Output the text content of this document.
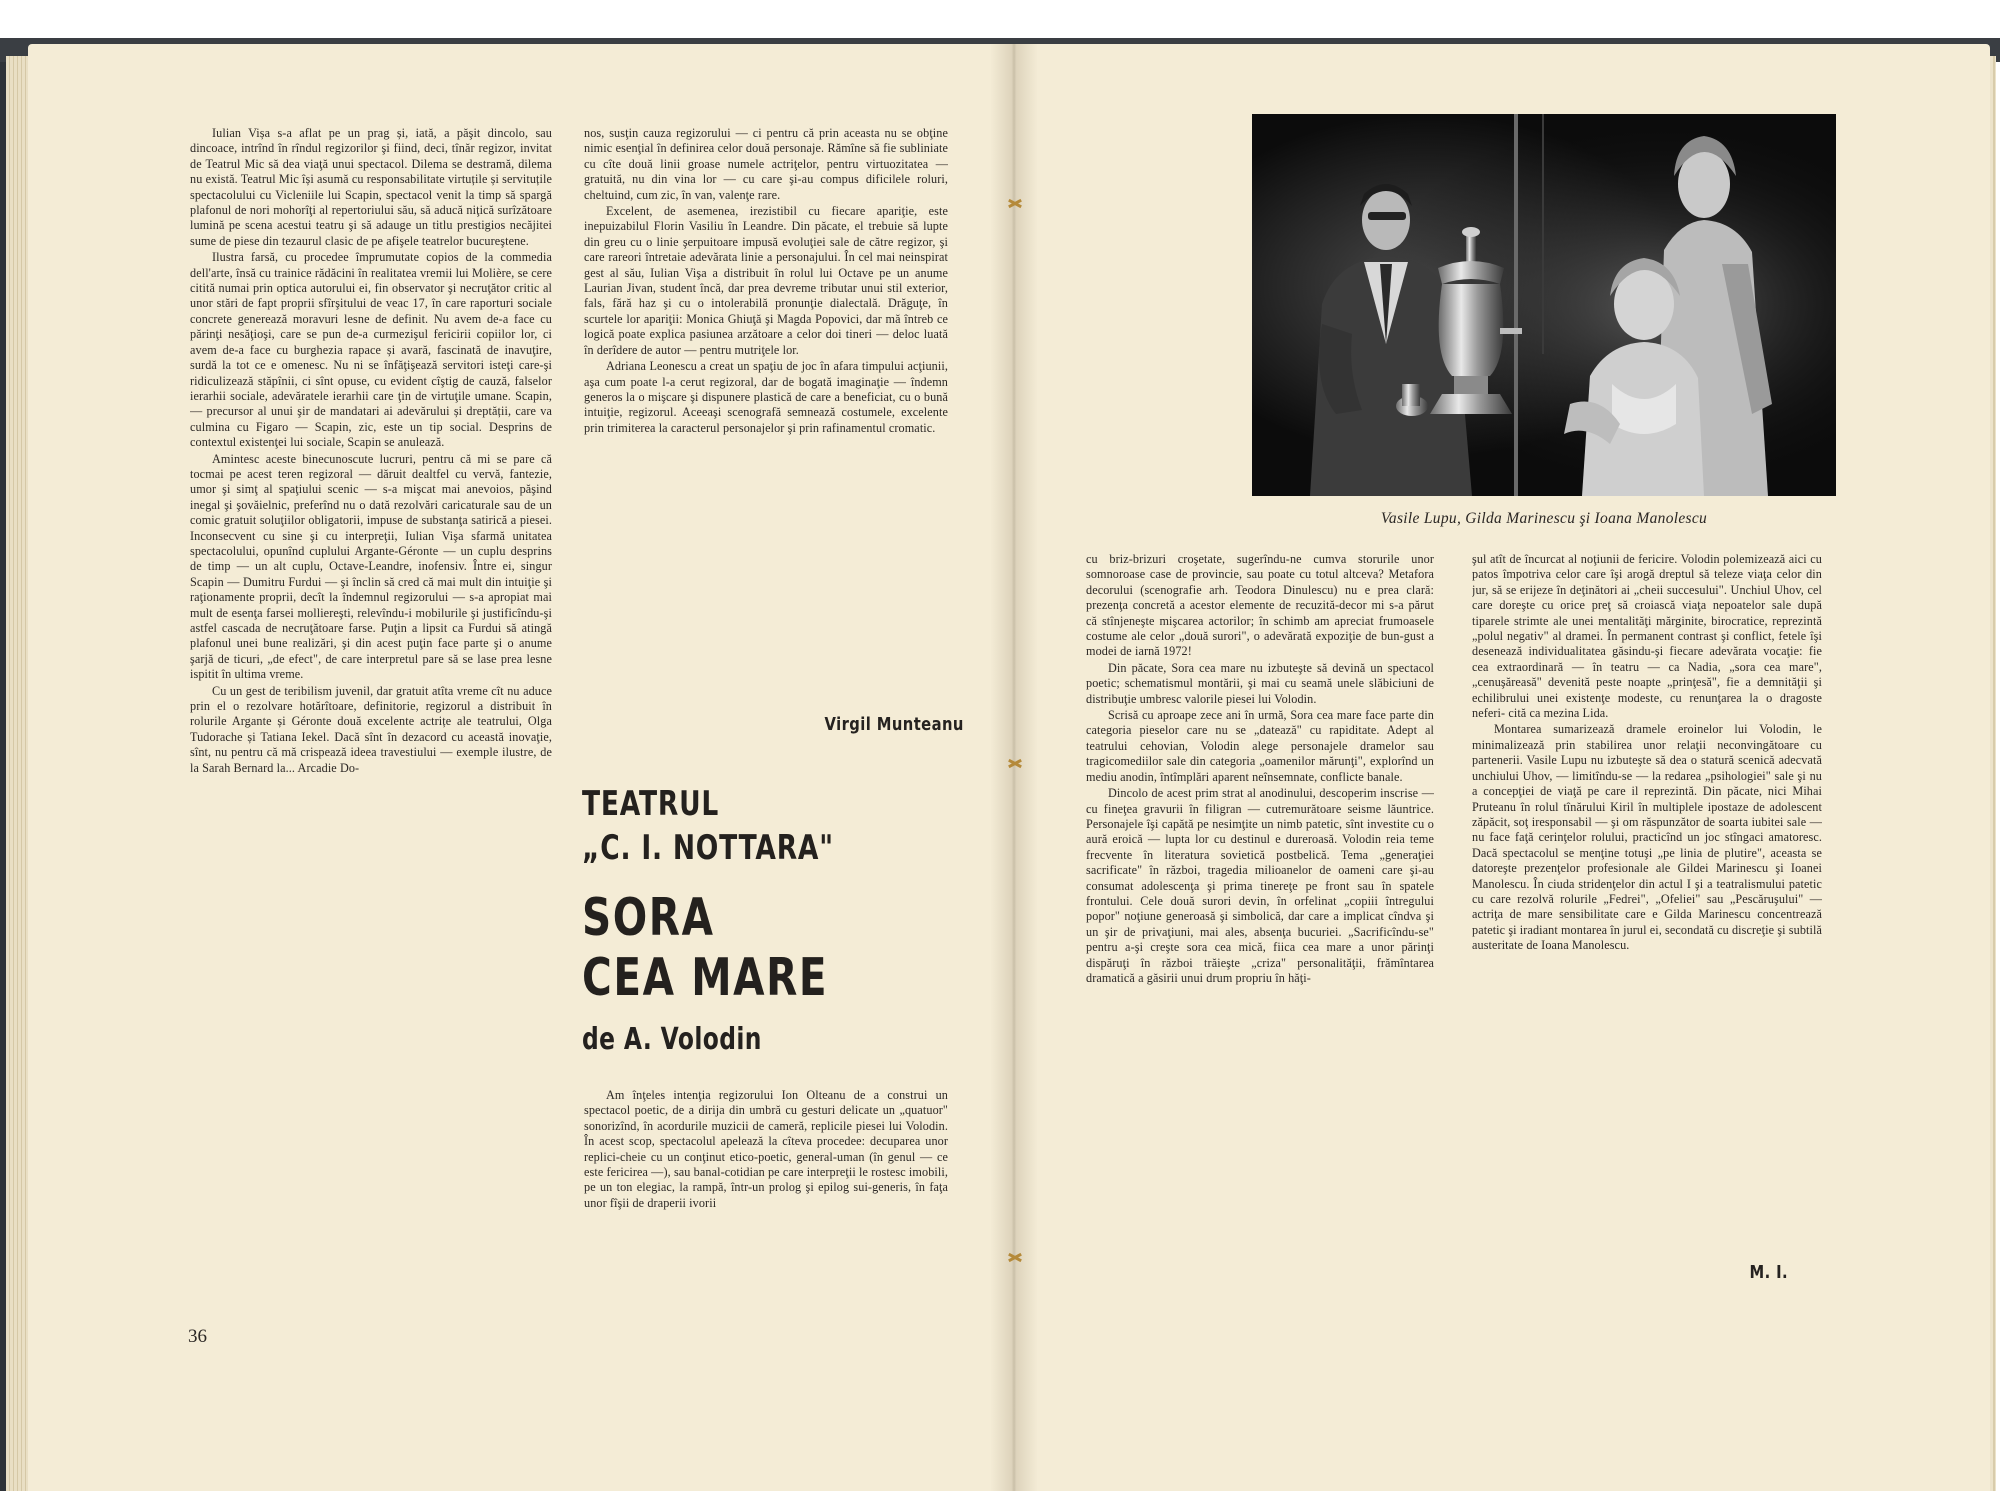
Iulian Vișa s-a aflat pe un prag și, iată, a păşit dincolo, sau dincoace, intrînd în rîndul regizorilor şi fiind, deci, tînăr regizor, invitat de Teatrul Mic să dea viaţă unui spectacol. Dilema se destramă, dilema nu există. Teatrul Mic își asumă cu responsabilitate virtuțile și servituțile spectacolului cu Vicleniile lui Scapin, spectacol venit la timp să spargă plafonul de nori mohorîţi al repertoriului său, să aducă niţică surîzătoare lumină pe scena acestui teatru şi să adauge un titlu prestigios necăjitei sume de piese din tezaurul clasic de pe afişele teatrelor bucureştene.

Ilustra farsă, cu procedee împrumutate copios de la commedia dell'arte, însă cu trainice rădăcini în realitatea vremii lui Molière, se cere citită numai prin optica autorului ei, fin observator şi necruţător critic al unor stări de fapt proprii sfîrşitului de veac 17, în care raporturi sociale concrete generează moravuri lesne de definit. Nu avem de-a face cu părinţi nesăţioşi, care se pun de-a curmezişul fericirii copiilor lor, ci avem de-a face cu burghezia rapace și avară, fascinată de inavuţire, surdă la tot ce e omenesc. Nu ni se înfăţişează servitori isteţi care-şi ridiculizează stăpînii, ci sînt opuse, cu evident cîştig de cauză, falselor ierarhii sociale, adevăratele ierarhii care ţin de virtuţile umane. Scapin, — precursor al unui şir de mandatari ai adevărului și dreptății, care va culmina cu Figaro — Scapin, zic, este un tip social. Desprins de contextul existenţei lui sociale, Scapin se anulează.

Amintesc aceste binecunoscute lucruri, pentru că mi se pare că tocmai pe acest teren regizoral — dăruit dealtfel cu vervă, fantezie, umor şi simţ al spaţiului scenic — s-a mişcat mai anevoios, păşind inegal şi şovăielnic, preferînd nu o dată rezolvări caricaturale sau de un comic gratuit soluţiilor obligatorii, impuse de substanţa satirică a piesei. Inconsecvent cu sine şi cu interpreţii, Iulian Vişa sfarmă unitatea spectacolului, opunînd cuplului Argante-Géronte — un cuplu desprins de timp — un alt cuplu, Octave-Leandre, inofensiv. Între ei, singur Scapin — Dumitru Furdui — şi înclin să cred că mai mult din intuiţie şi raţionamente proprii, decît la îndemnul regizorului — s-a apropiat mai mult de esenţa farsei molliereşti, relevîndu-i mobilurile şi justificîndu-şi astfel cascada de necruţătoare farse. Puţin a lipsit ca Furdui să atingă plafonul unei bune realizări, şi din acest puţin face parte şi o anume şarjă de ticuri, „de efect", de care interpretul pare să se lase prea lesne ispitit în ultima vreme.

Cu un gest de teribilism juvenil, dar gratuit atîta vreme cît nu aduce prin el o rezolvare hotărîtoare, definitorie, regizorul a distribuit în rolurile Argante și Géronte două excelente actrițe ale teatrului, Olga Tudorache și Tatiana Iekel. Dacă sînt în dezacord cu această inovaţie, sînt, nu pentru că mă crispează ideea travestiului — exemple ilustre, de la Sarah Bernard la... Arcadie Do-

nos, susţin cauza regizorului — ci pentru că prin aceasta nu se obţine nimic esenţial în definirea celor două personaje. Rămîne să fie subliniate cu cîte două linii groase numele actriţelor, pentru virtuozitatea — gratuită, nu din vina lor — cu care şi-au compus dificilele roluri, cheltuind, cum zic, în van, valenţe rare.

Excelent, de asemenea, irezistibil cu fiecare apariţie, este inepuizabilul Florin Vasiliu în Leandre. Din păcate, el trebuie să lupte din greu cu o linie şerpuitoare impusă evoluţiei sale de către regizor, şi care rareori întretaie adevărata linie a personajului. În cel mai neinspirat gest al său, Iulian Vişa a distribuit în rolul lui Octave pe un anume Laurian Jivan, student încă, dar prea devreme tributar unui stil exterior, fals, fără haz şi cu o intolerabilă pronunţie dialectală. Drăguţe, în scurtele lor apariţii: Monica Ghiuţă şi Magda Popovici, dar mă întreb ce logică poate explica pasiunea arzătoare a celor doi tineri — deloc luată în derîdere de autor — pentru mutriţele lor.

Adriana Leonescu a creat un spaţiu de joc în afara timpului acţiunii, aşa cum poate l-a cerut regizoral, dar de bogată imaginaţie — îndemn generos la o mişcare şi dispunere plastică de care a beneficiat, cu o bună intuiţie, regizorul. Aceeaşi scenografă semnează costumele, excelente prin trimiterea la caracterul personajelor şi prin rafinamentul cromatic.

Virgil Munteanu
TEATRUL
„C. I. NOTTARA"
SORA
CEA MARE
de A. Volodin

Am înţeles intenţia regizorului Ion Olteanu de a construi un spectacol poetic, de a dirija din umbră cu gesturi delicate un „quatuor" sonorizînd, în acordurile muzicii de cameră, replicile piesei lui Volodin. În acest scop, spectacolul apelează la cîteva procedee: decuparea unor replici-cheie cu un conţinut etico-poetic, general-uman (în genul — ce este fericirea —), sau banal-cotidian pe care interpreţii le rostesc imobili, pe un ton elegiac, la rampă, într-un prolog şi epilog sui-generis, în faţa unor fîşii de draperii ivorii

36
Vasile Lupu, Gilda Marinescu şi Ioana Manolescu

cu briz-brizuri croşetate, sugerîndu-ne cumva storurile unor somnoroase case de provincie, sau poate cu totul altceva? Metafora decorului (scenografie arh. Teodora Dinulescu) nu e prea clară: prezenţa concretă a acestor elemente de recuzită-decor mi s-a părut că stînjeneşte mişcarea actorilor; în schimb am apreciat frumoasele costume ale celor „două surori", o adevărată expoziţie de bun-gust a modei de iarnă 1972!

Din păcate, Sora cea mare nu izbuteşte să devină un spectacol poetic; schematismul montării, şi mai cu seamă unele slăbiciuni de distribuţie umbresc valorile piesei lui Volodin.

Scrisă cu aproape zece ani în urmă, Sora cea mare face parte din categoria pieselor care nu se „datează" cu rapiditate. Adept al teatrului cehovian, Volodin alege personajele dramelor sau tragicomediilor sale din categoria „oamenilor mărunţi", explorînd un mediu anodin, întîmplări aparent neînsemnate, conflicte banale.

Dincolo de acest prim strat al anodinului, descoperim inscrise — cu fineţea gravurii în filigran — cutremurătoare seisme lăuntrice. Personajele îşi capătă pe nesimţite un nimb patetic, sînt investite cu o aură eroică — lupta lor cu destinul e dureroasă. Volodin reia teme frecvente în literatura sovietică postbelică. Tema „generaţiei sacrificate" în război, tragedia milioanelor de oameni care şi-au consumat adolescenţa şi prima tinereţe pe front sau în spatele frontului. Cele două surori devin, în orfelinat „copiii întregului popor" noţiune generoasă şi simbolică, dar care a implicat cîndva şi un şir de privaţiuni, mai ales, absenţa bucuriei. „Sacrificîndu-se" pentru a-şi creşte sora cea mică, fiica cea mare a unor părinţi dispăruţi în război trăieşte „criza" personalităţii, frămîntarea dramatică a găsirii unui drum propriu în hăţi-

şul atît de încurcat al noţiunii de fericire. Volodin polemizează aici cu patos împotriva celor care îşi arogă dreptul să teleze viaţa celor din jur, să se erijeze în deţinători ai „cheii succesului". Unchiul Uhov, cel care doreşte cu orice preţ să croiască viaţa nepoatelor sale după tiparele strimte ale unei mentalităţi mărginite, birocratice, reprezintă „polul negativ" al dramei. În permanent contrast şi conflict, fetele îşi desenează individualitatea găsindu-şi fiecare adevărata vocaţie: fie cea extraordinară — în teatru — ca Nadia, „sora cea mare", „cenuşăreasă" devenită peste noapte „prinţesă", fie a demnităţii şi echilibrului unei existenţe modeste, cu renunţarea la o dragoste neferi- cită ca mezina Lida.

Montarea sumarizează dramele eroinelor lui Volodin, le minimalizează prin stabilirea unor relaţii neconvingătoare cu partenerii. Vasile Lupu nu izbuteşte să dea o statură scenică adecvată unchiului Uhov, — limitîndu-se — la redarea „psihologiei" sale şi nu a concepţiei de viaţă pe care il reprezintă. Din păcate, nici Mihai Pruteanu în rolul tînărului Kiril în multiplele ipostaze de adolescent zăpăcit, soţ iresponsabil — şi om răspunzător de soarta iubitei sale — nu face faţă cerinţelor rolului, practicînd un joc stîngaci amatoresc. Dacă spectacolul se menţine totuşi „pe linia de plutire", aceasta se datoreşte prezenţelor profesionale ale Gildei Marinescu şi Ioanei Manolescu. În ciuda stridenţelor din actul I şi a teatralismului patetic cu care rezolvă rolurile „Fedrei", „Ofeliei" sau „Pescăruşului" — actriţa de mare sensibilitate care e Gilda Marinescu concentrează patetic şi iradiant montarea în jurul ei, secondată cu discreţie şi subtilă austeritate de Ioana Manolescu.

M. I.
